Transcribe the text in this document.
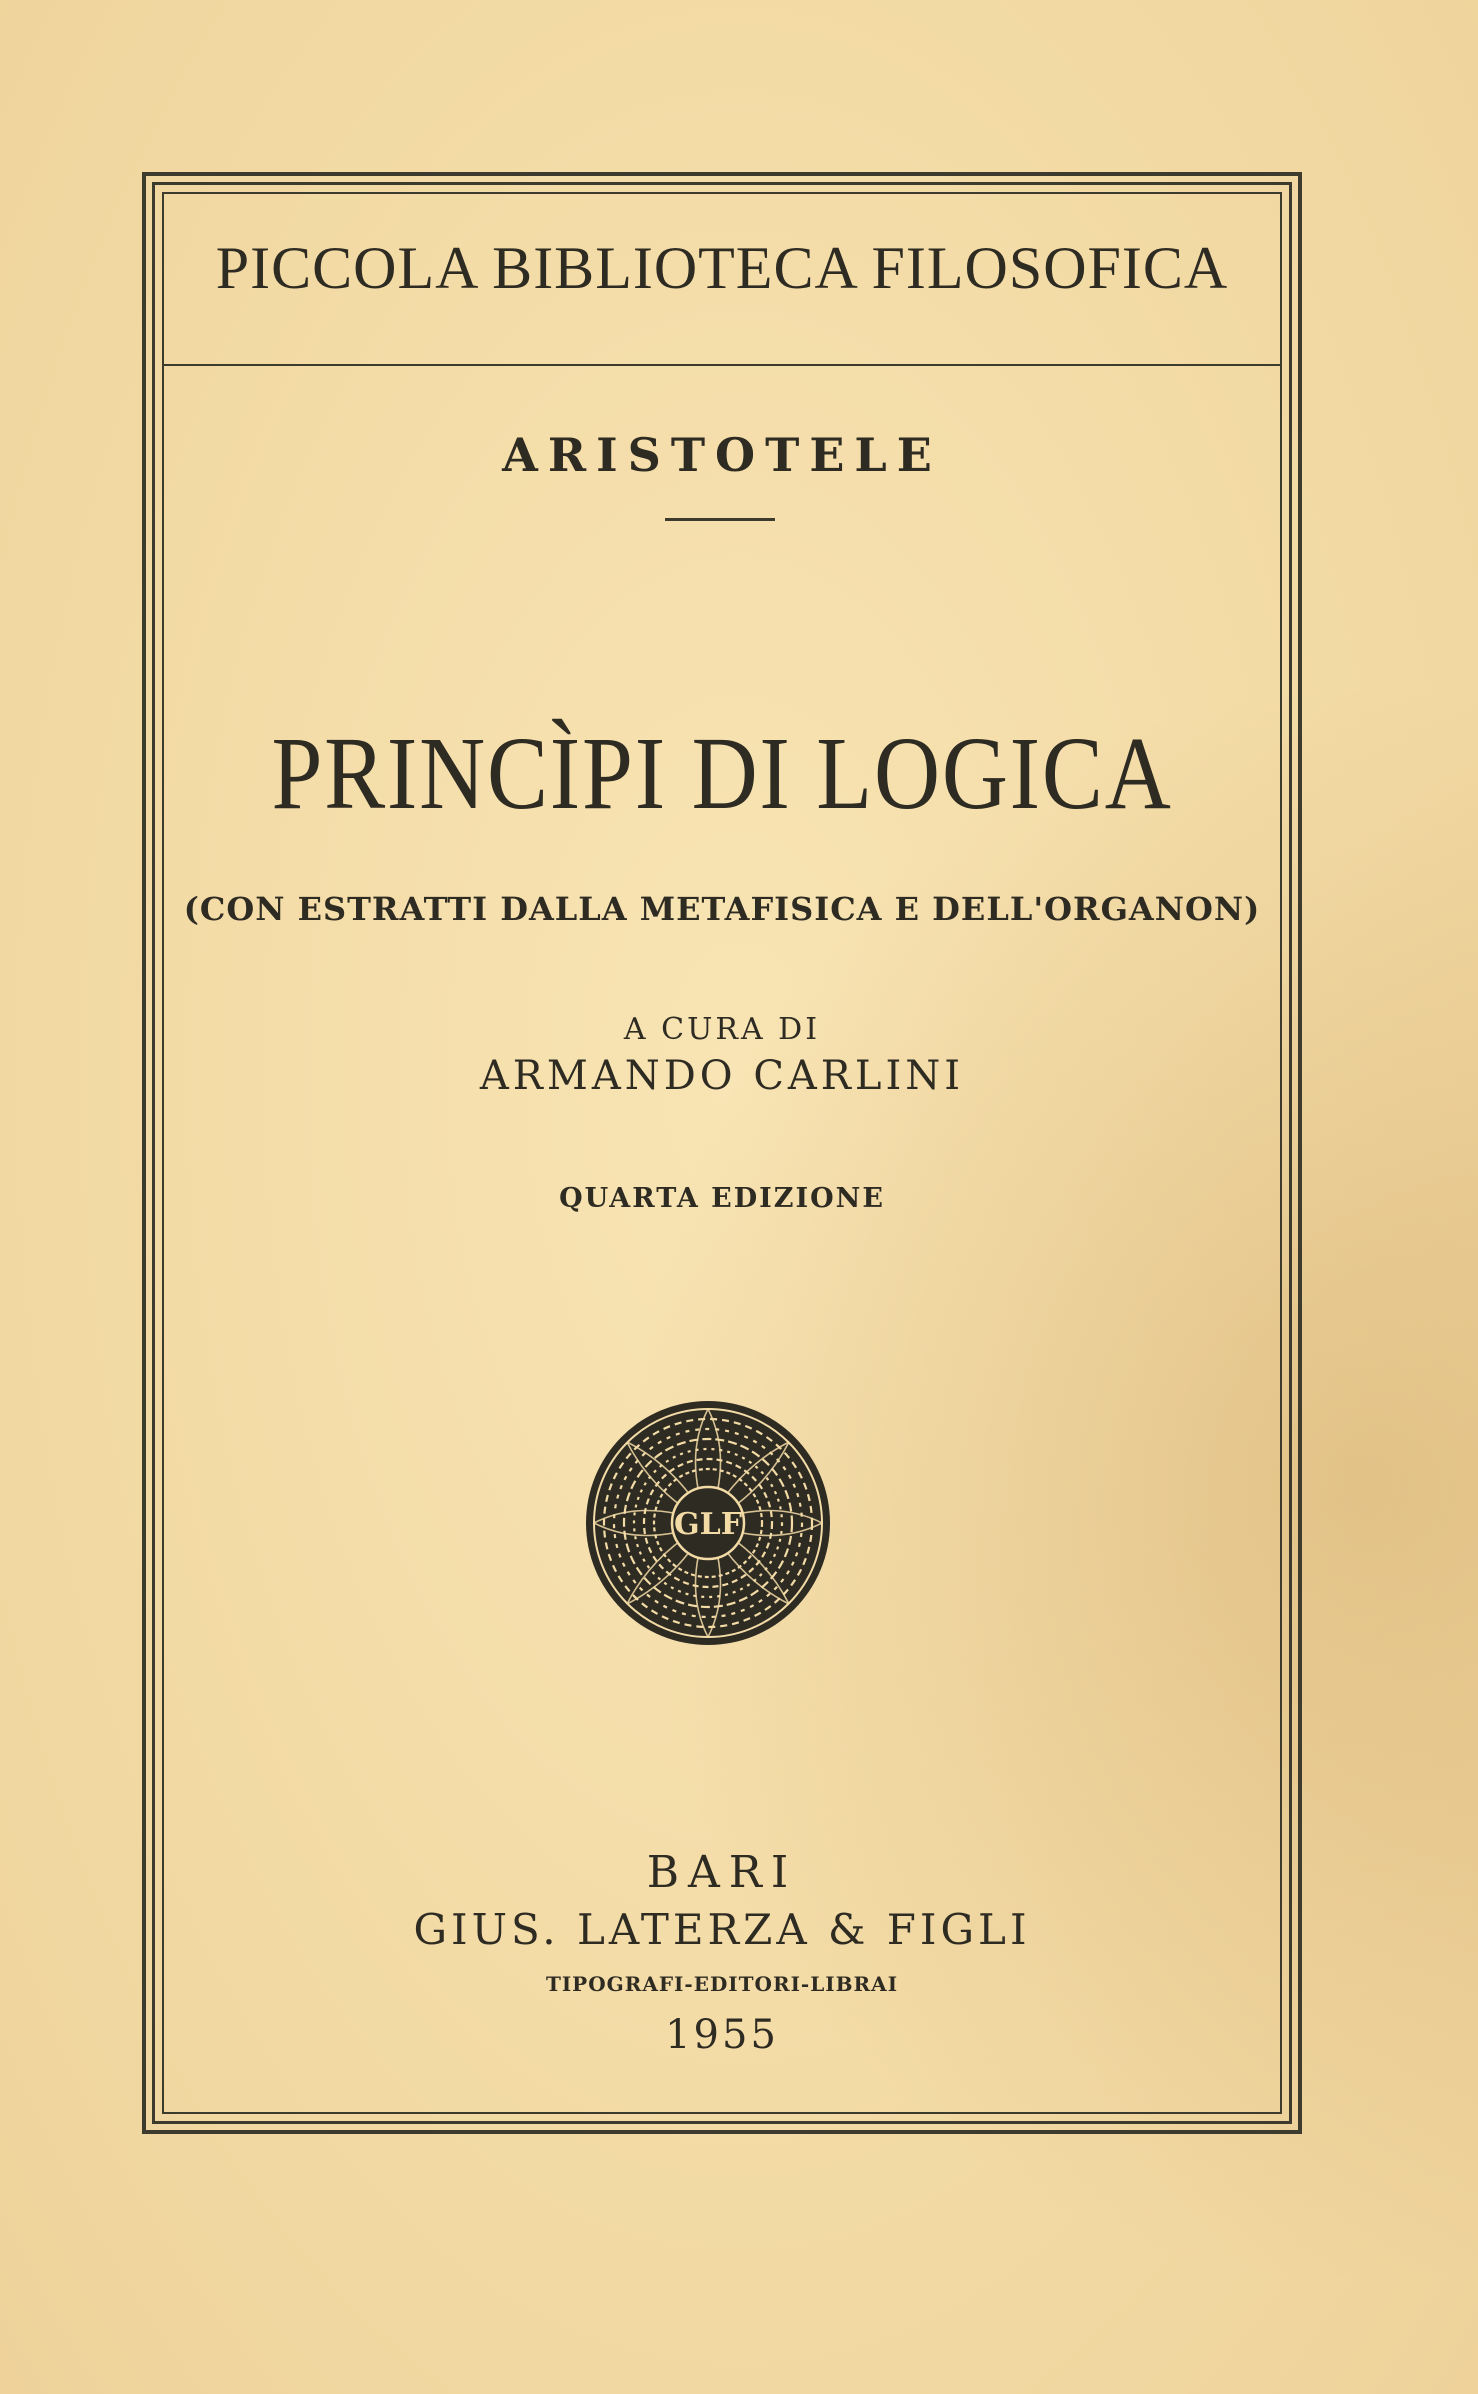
PICCOLA BIBLIOTECA FILOSOFICA
ARISTOTELE
PRINCÌPI DI LOGICA
(CON ESTRATTI DALLA METAFISICA E DELL'ORGANON)
A CURA DI
ARMANDO CARLINI
QUARTA EDIZIONE
GLF
BARI
GIUS. LATERZA & FIGLI
TIPOGRAFI-EDITORI-LIBRAI
1955
